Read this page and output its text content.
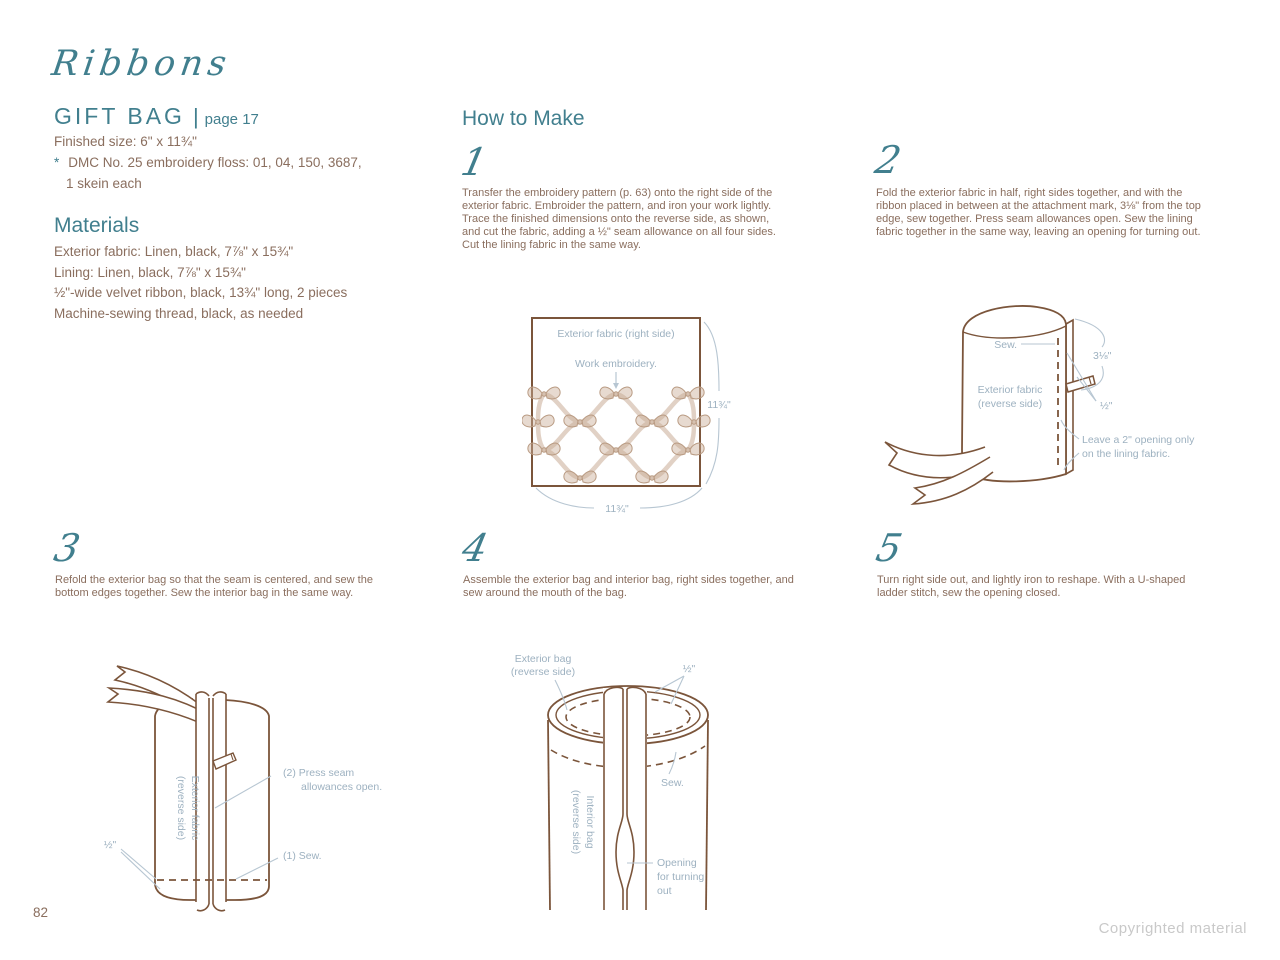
Ribbons
GIFT BAG | page 17
Finished size: 6" x 11¾"
* DMC No. 25 embroidery floss: 01, 04, 150, 3687,
1 skein each
Materials
Exterior fabric: Linen, black, 7⅞" x 15¾"
Lining: Linen, black, 7⅞" x 15¾"
½"-wide velvet ribbon, black, 13¾" long, 2 pieces
Machine-sewing thread, black, as needed
How to Make
1
Transfer the embroidery pattern (p. 63) onto the right side of the exterior fabric. Embroider the pattern, and iron your work lightly. Trace the finished dimensions onto the reverse side, as shown, and cut the fabric, adding a ½" seam allowance on all four sides. Cut the lining fabric in the same way.
2
Fold the exterior fabric in half, right sides together, and with the ribbon placed in between at the attachment mark, 3⅛" from the top edge, sew together. Press seam allowances open. Sew the lining fabric together in the same way, leaving an opening for turning out.
3
Refold the exterior bag so that the seam is centered, and sew the bottom edges together. Sew the interior bag in the same way.
4
Assemble the exterior bag and interior bag, right sides together, and sew around the mouth of the bag.
5
Turn right side out, and lightly iron to reshape. With a U-shaped ladder stitch, sew the opening closed.
Exterior fabric (right side)
Work embroidery.
11¾"
11¾"
Sew.
3⅛"
Exterior fabric
(reverse side)	½"
Leave a 2" opening only
on the lining fabric.
Exterior fabric
(reverse side)
½"
(2) Press seam
allowances open.
(1) Sew.
Exterior bag
(reverse side)	½"
Sew.
Interior bag
(reverse side)
Opening
for turning
out
82
Copyrighted material
